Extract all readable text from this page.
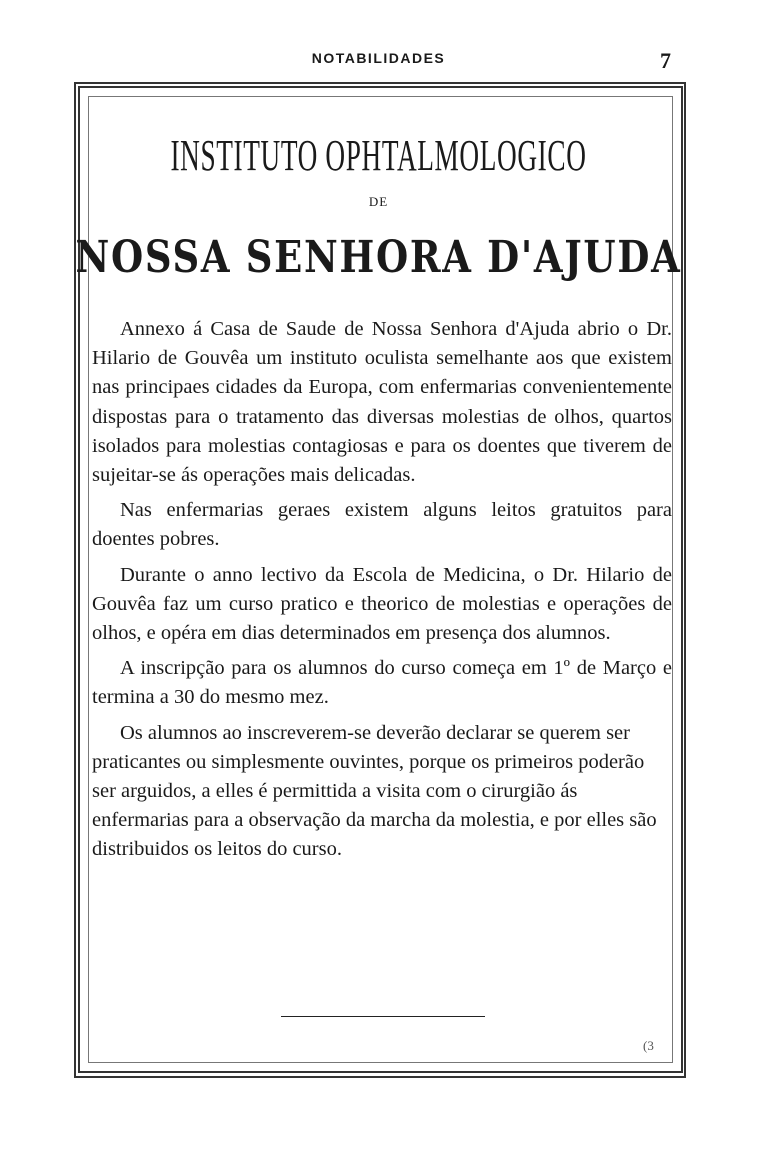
NOTABILIDADES	7
INSTITUTO OPHTALMOLOGICO
DE
NOSSA SENHORA D'AJUDA

Annexo á Casa de Saude de Nossa Senhora d'Ajuda abrio o Dr. Hilario de Gouvêa um instituto oculista semelhante aos que existem nas principaes cidades da Europa, com enfermarias convenientemente dispostas para o tratamento das diversas molestias de olhos, quartos isolados para molestias contagiosas e para os doentes que tiverem de sujeitar-se ás operações mais delicadas.

Nas enfermarias geraes existem alguns leitos gratuitos para doentes pobres.

Durante o anno lectivo da Escola de Medicina, o Dr. Hilario de Gouvêa faz um curso pratico e theorico de molestias e operações de olhos, e opéra em dias determinados em presença dos alumnos.

A inscripção para os alumnos do curso começa em 1º de Março e termina a 30 do mesmo mez.

Os alumnos ao inscreverem-se deverão declarar se querem ser praticantes ou simplesmente ouvintes, porque os primeiros poderão ser arguidos, a elles é permittida a visita com o cirurgião ás enfermarias para a observação da marcha da molestia, e por elles são distribuidos os leitos do curso.

(3
